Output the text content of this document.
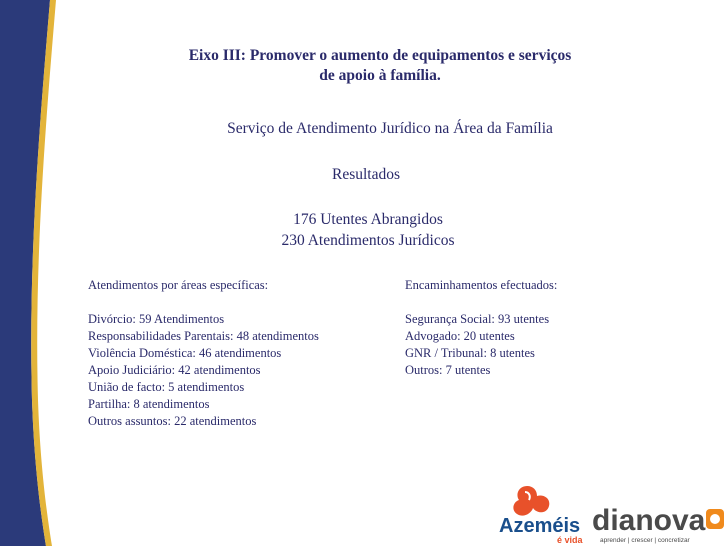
Eixo III: Promover o aumento de equipamentos e serviços
de apoio à família.
Serviço de Atendimento Jurídico na Área da Família
Resultados
176 Utentes Abrangidos
230 Atendimentos Jurídicos
Atendimentos por áreas específicas:
Divórcio: 59 Atendimentos
Responsabilidades Parentais: 48 atendimentos
Violência Doméstica: 46 atendimentos
Apoio Judiciário: 42 atendimentos
União de facto: 5 atendimentos
Partilha: 8 atendimentos
Outros assuntos: 22 atendimentos
Encaminhamentos efectuados:
Segurança Social: 93 utentes
Advogado: 20 utentes
GNR / Tribunal: 8 utentes
Outros: 7 utentes
Azeméis
é vida
dianova
aprender | crescer | concretizar
